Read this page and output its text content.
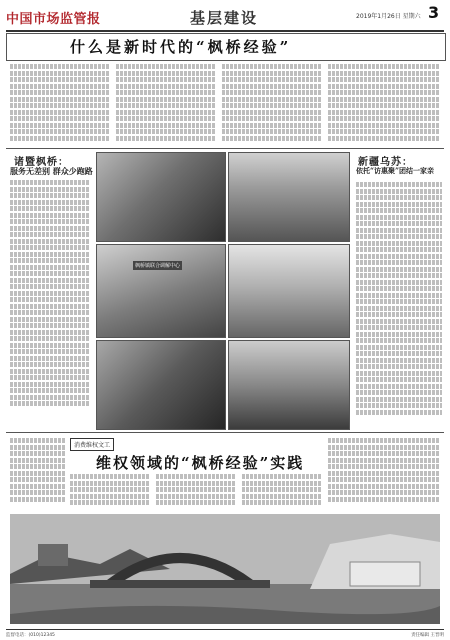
中国市场监管报	基层建设	2019年1月26日 星期六 3
什么是新时代的“枫桥经验”
诸暨枫桥：
服务无差别 群众少跑路
枫桥镇联合调解中心
新疆乌苏：
依托“访惠聚”团结一家亲
消费维权文工
维权领域的“枫桥经验”实践
监督电话：(010)12345	责任编辑 王晋明
